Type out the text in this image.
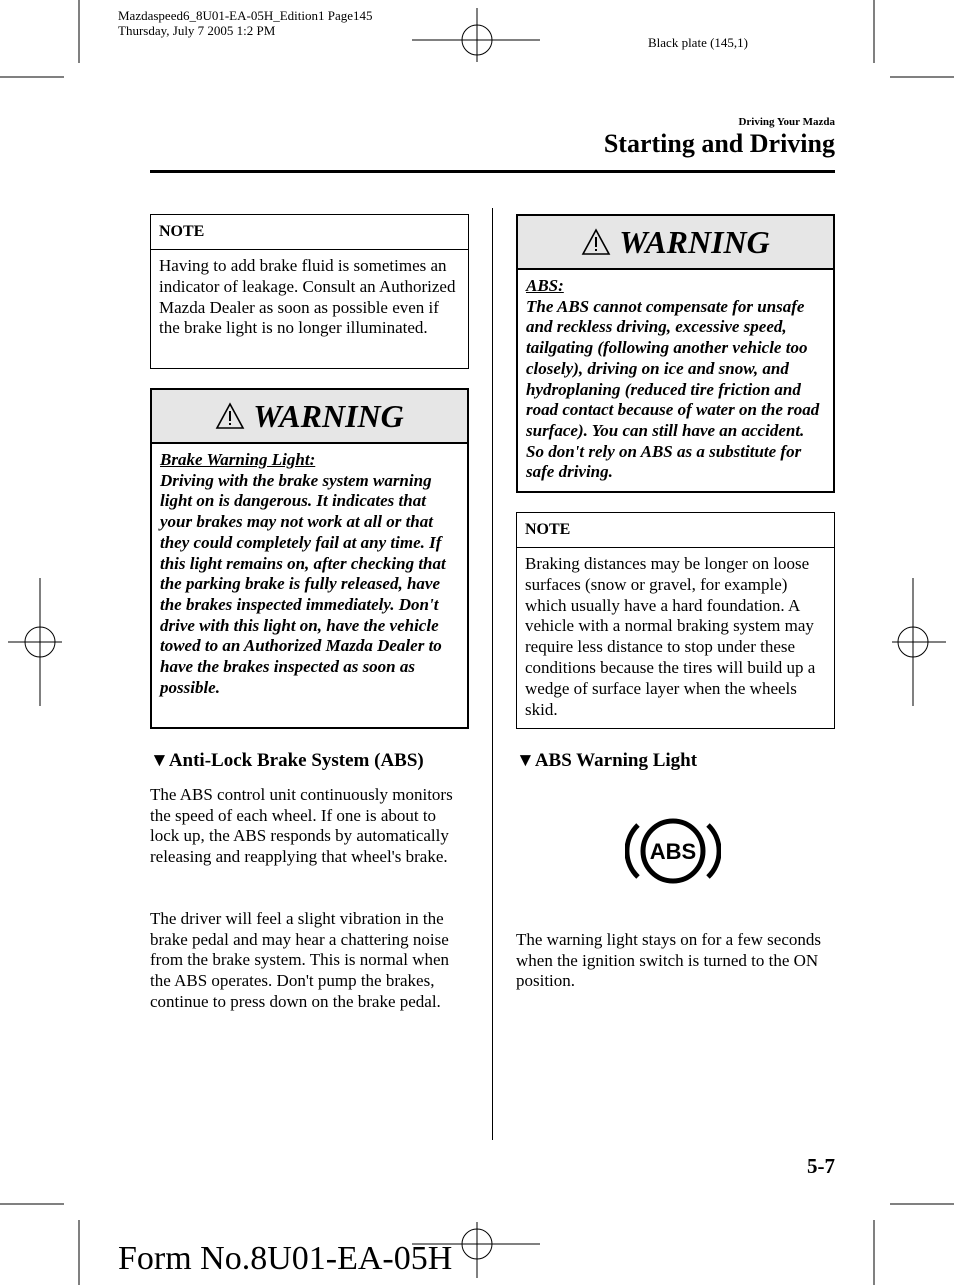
Mazdaspeed6_8U01-EA-05H_Edition1 Page145
Thursday, July 7 2005 1:2 PM
Black plate (145,1)
Driving Your Mazda
Starting and Driving
NOTE
Having to add brake fluid is sometimes an indicator of leakage. Consult an Authorized Mazda Dealer as soon as possible even if the brake light is no longer illuminated.
WARNING
Brake Warning Light:
Driving with the brake system warning light on is dangerous. It indicates that your brakes may not work at all or that they could completely fail at any time. If this light remains on, after checking that the parking brake is fully released, have the brakes inspected immediately. Don't drive with this light on, have the vehicle towed to an Authorized Mazda Dealer to have the brakes inspected as soon as possible.
▼Anti-Lock Brake System (ABS)
The ABS control unit continuously monitors the speed of each wheel. If one is about to lock up, the ABS responds by automatically releasing and reapplying that wheel's brake.
The driver will feel a slight vibration in the brake pedal and may hear a chattering noise from the brake system. This is normal when the ABS operates. Don't pump the brakes, continue to press down on the brake pedal.
WARNING
ABS:
The ABS cannot compensate for unsafe and reckless driving, excessive speed, tailgating (following another vehicle too closely), driving on ice and snow, and hydroplaning (reduced tire friction and road contact because of water on the road surface). You can still have an accident. So don't rely on ABS as a substitute for safe driving.
NOTE
Braking distances may be longer on loose surfaces (snow or gravel, for example) which usually have a hard foundation. A vehicle with a normal braking system may require less distance to stop under these conditions because the tires will build up a wedge of surface layer when the wheels skid.
▼ABS Warning Light
ABS
The warning light stays on for a few seconds when the ignition switch is turned to the ON position.
5-7
Form No.8U01-EA-05H
